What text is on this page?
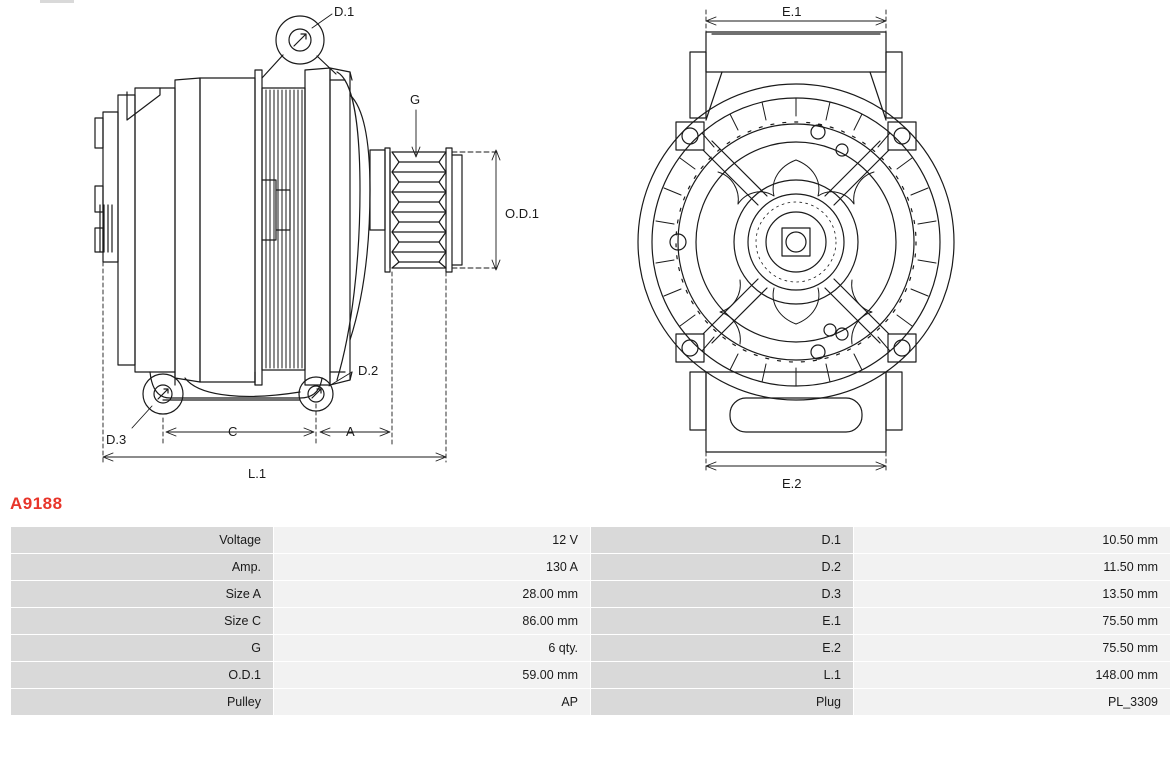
D.1
D.2
D.3
G
O.D.1
C	A
L.1
E.1
E.2
A9188
Voltage	12 V	D.1	10.50 mm
Amp.	130 A	D.2	11.50 mm
Size A	28.00 mm	D.3	13.50 mm
Size C	86.00 mm	E.1	75.50 mm
G	6 qty.	E.2	75.50 mm
O.D.1	59.00 mm	L.1	148.00 mm
Pulley	AP	Plug	PL_3309
